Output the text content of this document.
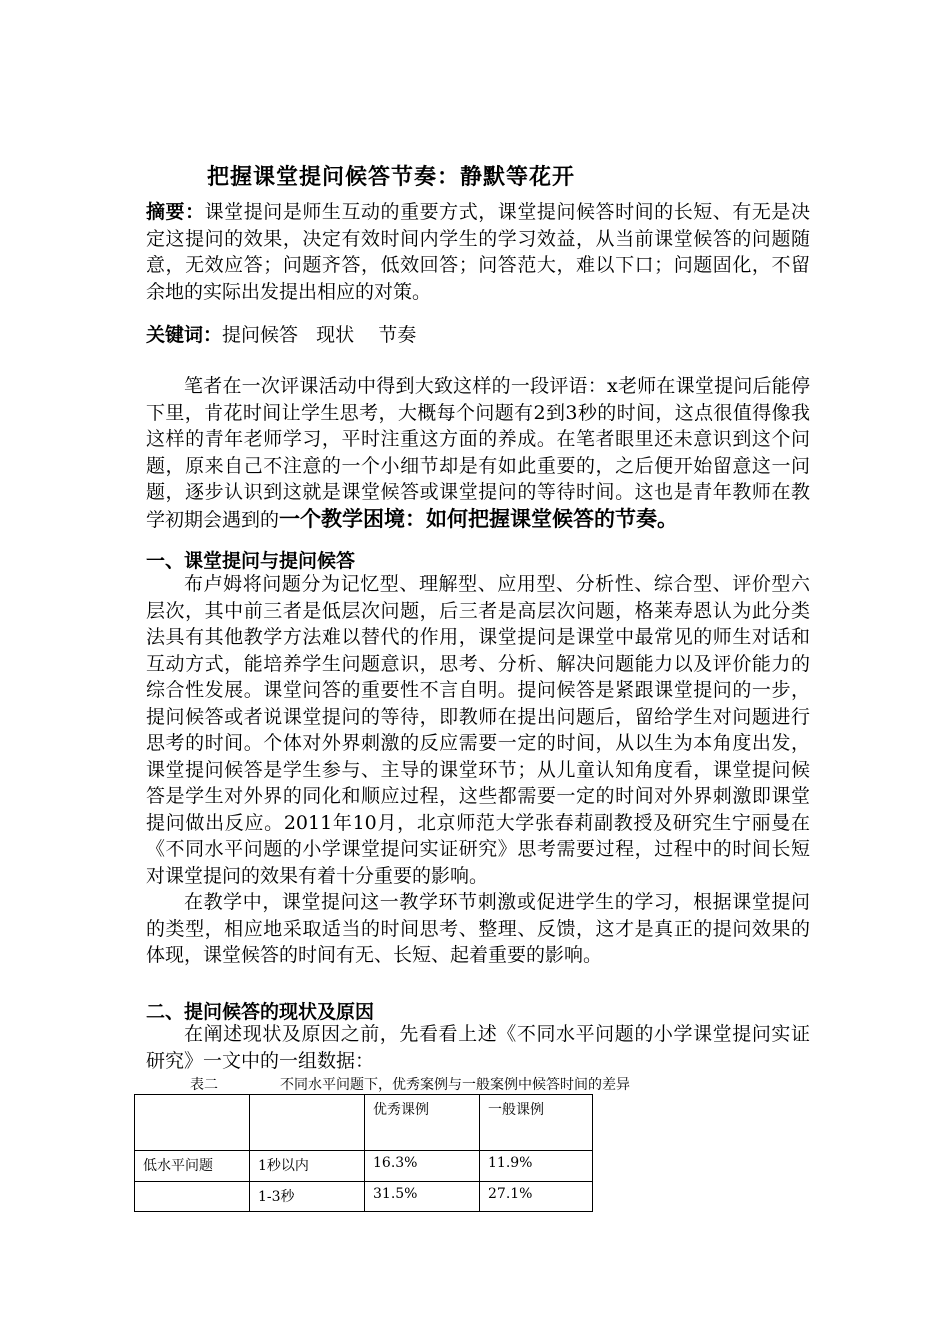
把握课堂提问候答节奏：静默等花开

摘要：课堂提问是师生互动的重要方式，课堂提问候答时间的长短、有无是决定这提问的效果，决定有效时间内学生的学习效益，从当前课堂候答的问题随意，无效应答；问题齐答，低效回答；问答范大，难以下口；问题固化，不留余地的实际出发提出相应的对策。

关键词：提问候答   现状    节奏

笔者在一次评课活动中得到大致这样的一段评语：x老师在课堂提问后能停下里，肯花时间让学生思考，大概每个问题有2到3秒的时间，这点很值得像我这样的青年老师学习，平时注重这方面的养成。在笔者眼里还未意识到这个问题，原来自己不注意的一个小细节却是有如此重要的，之后便开始留意这一问题，逐步认识到这就是课堂候答或课堂提问的等待时间。这也是青年教师在教学初期会遇到的一个教学困境：如何把握课堂候答的节奏。

一、课堂提问与提问候答

布卢姆将问题分为记忆型、理解型、应用型、分析性、综合型、评价型六层次，其中前三者是低层次问题，后三者是高层次问题，格莱寿恩认为此分类法具有其他教学方法难以替代的作用，课堂提问是课堂中最常见的师生对话和互动方式，能培养学生问题意识，思考、分析、解决问题能力以及评价能力的综合性发展。课堂问答的重要性不言自明。提问候答是紧跟课堂提问的一步，提问候答或者说课堂提问的等待，即教师在提出问题后，留给学生对问题进行思考的时间。个体对外界刺激的反应需要一定的时间，从以生为本角度出发，课堂提问候答是学生参与、主导的课堂环节；从儿童认知角度看，课堂提问候答是学生对外界的同化和顺应过程，这些都需要一定的时间对外界刺激即课堂提问做出反应。2011年10月，北京师范大学张春莉副教授及研究生宁丽曼在《不同水平问题的小学课堂提问实证研究》思考需要过程，过程中的时间长短对课堂提问的效果有着十分重要的影响。

在教学中，课堂提问这一教学环节刺激或促进学生的学习，根据课堂提问的类型，相应地采取适当的时间思考、整理、反馈，这才是真正的提问效果的体现，课堂候答的时间有无、长短、起着重要的影响。

二、提问候答的现状及原因

在阐述现状及原因之前，先看看上述《不同水平问题的小学课堂提问实证研究》一文中的一组数据：

表二	不同水平问题下，优秀案例与一般案例中候答时间的差异
		优秀课例	一般课例
低水平问题	1秒以内	16.3%	11.9%
	1-3秒	31.5%	27.1%
